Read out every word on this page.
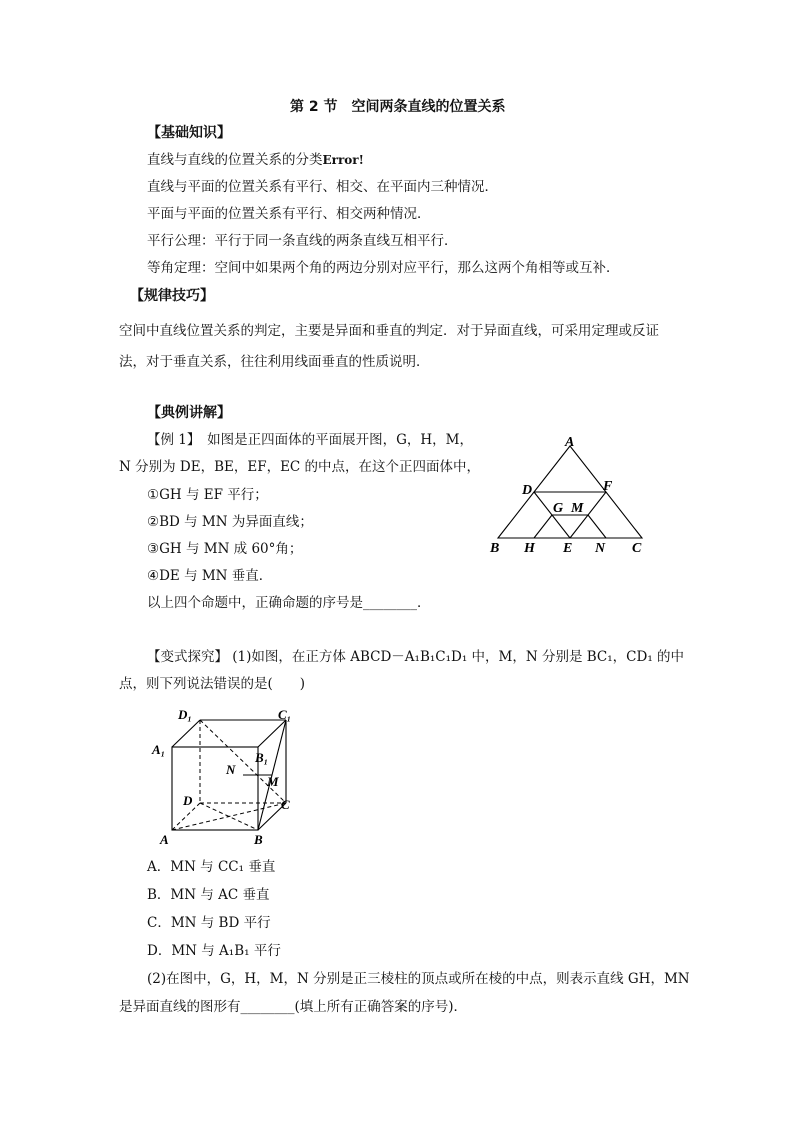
第 2 节　空间两条直线的位置关系
【基础知识】
直线与直线的位置关系的分类Error!
直线与平面的位置关系有平行、相交、在平面内三种情况．
平面与平面的位置关系有平行、相交两种情况．
平行公理：平行于同一条直线的两条直线互相平行．
等角定理：空间中如果两个角的两边分别对应平行，那么这两个角相等或互补．
【规律技巧】
空间中直线位置关系的判定，主要是异面和垂直的判定．对于异面直线，可采用定理或反证
法，对于垂直关系，往往利用线面垂直的性质说明．
【典例讲解】
【例 1】　如图是正四面体的平面展开图，G，H，M，
N 分别为 DE，BE，EF，EC 的中点，在这个正四面体中，
①GH 与 EF 平行；
②BD 与 MN 为异面直线；
③GH 与 MN 成 60°角；
④DE 与 MN 垂直．
以上四个命题中，正确命题的序号是________．
A
D	F
G M
B H E N C
【变式探究】 (1)如图，在正方体 ABCD－A₁B₁C₁D₁ 中，M，N 分别是 BC₁，CD₁ 的中
点，则下列说法错误的是(　　)
D₁	C₁
A₁
B₁
N
M
D	C
A	B
A．MN 与 CC₁ 垂直
B．MN 与 AC 垂直
C．MN 与 BD 平行
D．MN 与 A₁B₁ 平行
(2)在图中，G，H，M，N 分别是正三棱柱的顶点或所在棱的中点，则表示直线 GH，MN
是异面直线的图形有________(填上所有正确答案的序号)．
